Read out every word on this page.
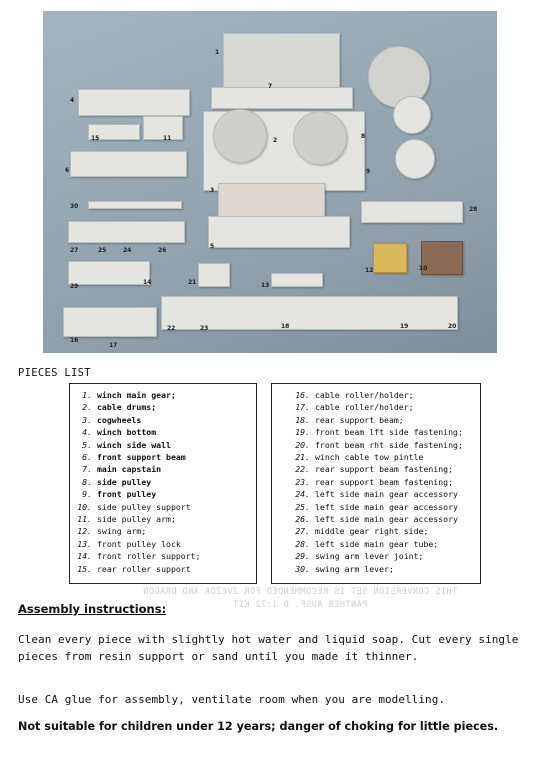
1
2
3
4
5
6
7
8
9
10
11
12
13
14
15
16
17
18	19	20
21
22	23
24
25	26
27
28
29
30
PIECES LIST
1. winch main gear;
2. cable drums;
3. cogwheels
4. winch bottom
5. winch side wall
6. front support beam
7. main capstain
8. side pulley
9. front pulley
10. side pulley support
11. side pulley arm;
12. swing arm;
13. front pulley lock
14. front roller support;
15. rear roller support
16. cable roller/holder;
17. cable roller/holder;
18. rear support beam;
19. front beam lft side fastening;
20. front beam rht side fastening;
21. winch cable tow pintle
22. rear support beam fastening;
23. rear support beam fastening;
24. left side main gear accessory
25. left side main gear accessory
26. left side main gear accessory
27. middle gear right side;
28. left side main gear tube;
29. swing arm lever joint;
30. swing arm lever;
THIS CONVERSION SET IS RECOMMENDED FOR ZVEZDA AND DRAGON
PANTHER AUSF. D 1:72 KIT
Assembly instructions:

Clean every piece with slightly hot water and liquid soap. Cut every single pieces from resin support or sand until you made it thinner.

Use CA glue for assembly, ventilate room when you are modelling.

Not suitable for children under 12 years; danger of choking for little pieces.
